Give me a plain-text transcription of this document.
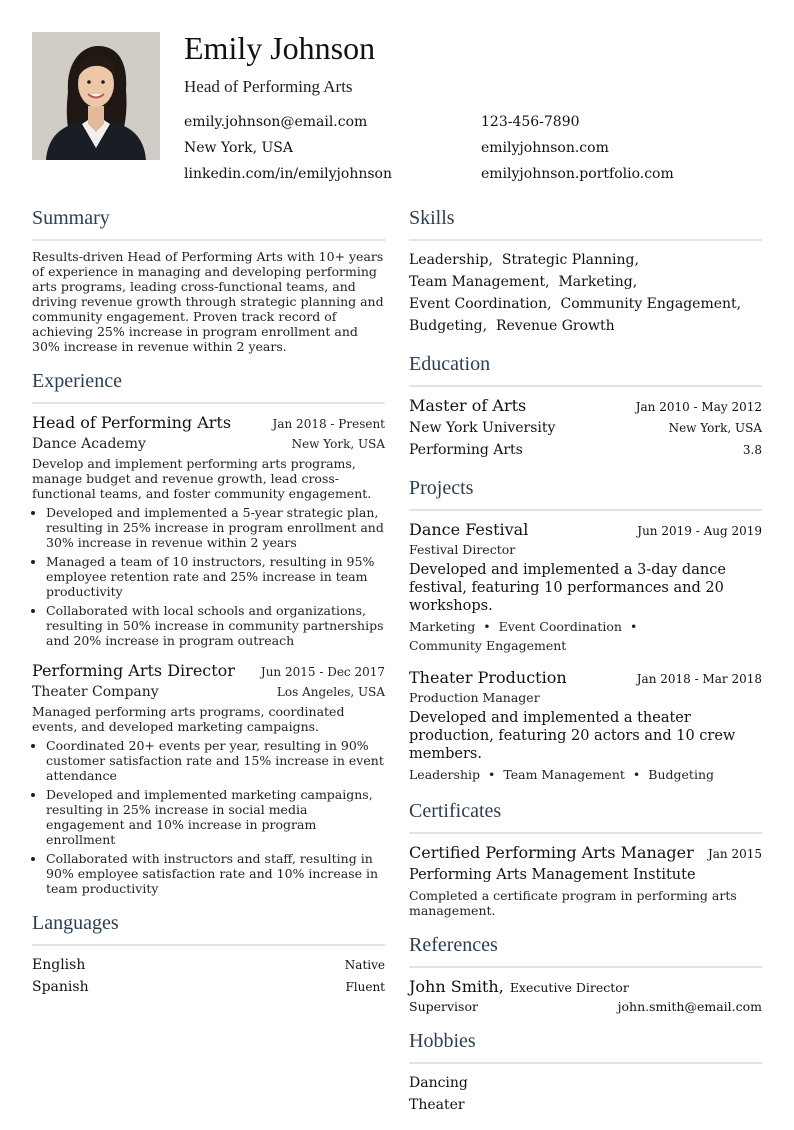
Emily Johnson
Head of Performing Arts
emily.johnson@email.com	123-456-7890
New York, USA	emilyjohnson.com
linkedin.com/in/emilyjohnson	emilyjohnson.portfolio.com
Summary

Results-driven Head of Performing Arts with 10+ years of experience in managing and developing performing arts programs, leading cross-functional teams, and driving revenue growth through strategic planning and community engagement. Proven track record of achieving 25% increase in program enrollment and 30% increase in revenue within 2 years.

Experience
Head of Performing Arts	Jan 2018 - Present
Dance Academy	New York, USA
Develop and implement performing arts programs, manage budget and revenue growth, lead cross-functional teams, and foster community engagement.
• Developed and implemented a 5-year strategic plan, resulting in 25% increase in program enrollment and 30% increase in revenue within 2 years
• Managed a team of 10 instructors, resulting in 95% employee retention rate and 25% increase in team productivity
• Collaborated with local schools and organizations, resulting in 50% increase in community partnerships and 20% increase in program outreach
Performing Arts Director Jun 2015 - Dec 2017
Theater Company	Los Angeles, USA
Managed performing arts programs, coordinated events, and developed marketing campaigns.
• Coordinated 20+ events per year, resulting in 90% customer satisfaction rate and 15% increase in event attendance
• Developed and implemented marketing campaigns, resulting in 25% increase in social media engagement and 10% increase in program enrollment
• Collaborated with instructors and staff, resulting in 90% employee satisfaction rate and 10% increase in team productivity
Languages
English	Native
Spanish	Fluent
Skills
Leadership, Strategic Planning,
Team Management, Marketing,
Event Coordination, Community Engagement,
Budgeting, Revenue Growth
Education
Master of Arts	Jan 2010 - May 2012
New York University	New York, USA
Performing Arts	3.8
Projects
Dance Festival	Jun 2019 - Aug 2019
Festival Director
Developed and implemented a 3-day dance festival, featuring 10 performances and 20 workshops.
Marketing • Event Coordination •
Community Engagement
Theater Production	Jan 2018 - Mar 2018
Production Manager
Developed and implemented a theater production, featuring 20 actors and 10 crew members.
Leadership • Team Management • Budgeting
Certificates
Certified Performing Arts Manager Jan 2015
Performing Arts Management Institute
Completed a certificate program in performing arts management.
References
John Smith, Executive Director
Supervisor	john.smith@email.com
Hobbies
Dancing
Theater
